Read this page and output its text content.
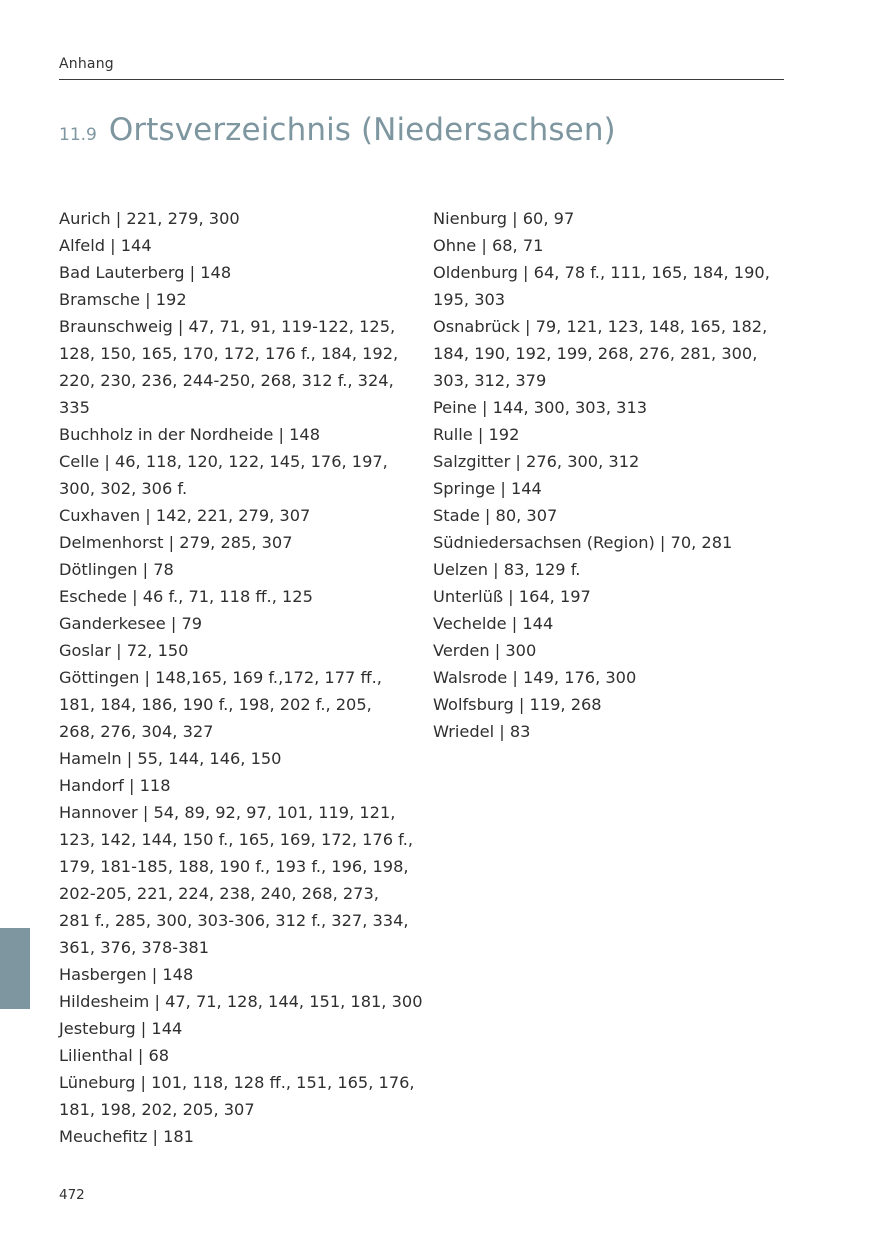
Anhang
11.9 Ortsverzeichnis (Niedersachsen)
Aurich | 221, 279, 300
Alfeld | 144
Bad Lauterberg | 148
Bramsche | 192
Braunschweig | 47, 71, 91, 119-122, 125,
128, 150, 165, 170, 172, 176 f., 184, 192,
220, 230, 236, 244-250, 268, 312 f., 324,
335
Buchholz in der Nordheide | 148
Celle | 46, 118, 120, 122, 145, 176, 197,
300, 302, 306 f.
Cuxhaven | 142, 221, 279, 307
Delmenhorst | 279, 285, 307
Dötlingen | 78
Eschede | 46 f., 71, 118 ff., 125
Ganderkesee | 79
Goslar | 72, 150
Göttingen | 148,165, 169 f.,172, 177 ff.,
181, 184, 186, 190 f., 198, 202 f., 205,
268, 276, 304, 327
Hameln | 55, 144, 146, 150
Handorf | 118
Hannover | 54, 89, 92, 97, 101, 119, 121,
123, 142, 144, 150 f., 165, 169, 172, 176 f.,
179, 181-185, 188, 190 f., 193 f., 196, 198,
202-205, 221, 224, 238, 240, 268, 273,
281 f., 285, 300, 303-306, 312 f., 327, 334,
361, 376, 378-381
Hasbergen | 148
Hildesheim | 47, 71, 128, 144, 151, 181, 300
Jesteburg | 144
Lilienthal | 68
Lüneburg | 101, 118, 128 ff., 151, 165, 176,
181, 198, 202, 205, 307
Meuchefitz | 181
Nienburg | 60, 97
Ohne | 68, 71
Oldenburg | 64, 78 f., 111, 165, 184, 190,
195, 303
Osnabrück | 79, 121, 123, 148, 165, 182,
184, 190, 192, 199, 268, 276, 281, 300,
303, 312, 379
Peine | 144, 300, 303, 313
Rulle | 192
Salzgitter | 276, 300, 312
Springe | 144
Stade | 80, 307
Südniedersachsen (Region) | 70, 281
Uelzen | 83, 129 f.
Unterlüß | 164, 197
Vechelde | 144
Verden | 300
Walsrode | 149, 176, 300
Wolfsburg | 119, 268
Wriedel | 83
472
